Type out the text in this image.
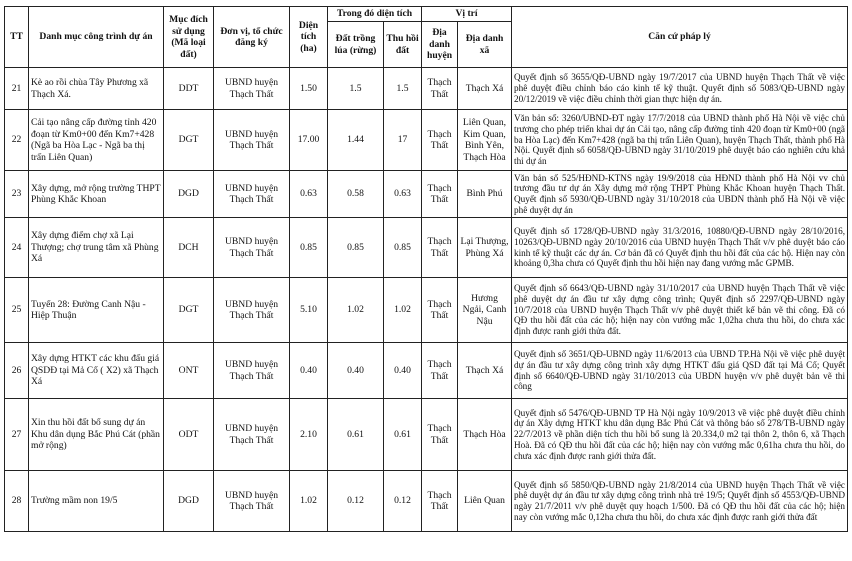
TT	Danh mục công trình dự án	Mục đích sử dụng (Mã loại đất)	Đơn vị, tổ chức đăng ký	Diện tích (ha)	Trong đó diện tích		Vị trí		Căn cứ pháp lý
					Đất trồng lúa (rừng)	Thu hồi đất	Địa danh huyện	Địa danh xã	
21	Kè ao rồi chùa Tây Phương xã Thạch Xá.	DDT	UBND huyện Thạch Thất	1.50	1.5	1.5	Thạch Thất	Thạch Xá	Quyết định số 3655/QĐ-UBND ngày 19/7/2017 của UBND huyện Thạch Thất về việc phê duyệt điều chỉnh báo cáo kinh tế kỹ thuật. Quyết định số 5083/QĐ-UBND ngày 20/12/2019 về việc điều chỉnh thời gian thực hiện dự án.
22	Cải tạo nâng cấp đường tỉnh 420 đoạn từ Km0+00 đến Km7+428 (Ngã ba Hòa Lạc - Ngã ba thị trấn Liên Quan)	DGT	UBND huyện Thạch Thất	17.00	1.44	17	Thạch Thất	Liên Quan, Kim Quan, Bình Yên, Thạch Hòa	Văn bản số: 3260/UBND-ĐT ngày 17/7/2018 của UBND thành phố Hà Nội về việc chủ trương cho phép triển khai dự án Cải tạo, nâng cấp đường tỉnh 420 đoạn từ Km0+00 (ngã ba Hòa Lạc) đến Km7+428 (ngã ba thị trấn Liên Quan), huyện Thạch Thất, thành phố Hà Nội. Quyết định số 6058/QĐ-UBND ngày 31/10/2019 phê duyệt báo cáo nghiên cứu khả thi dự án
23	Xây dựng, mở rộng trường THPT Phùng Khắc Khoan	DGD	UBND huyện Thạch Thất	0.63	0.58	0.63	Thạch Thất	Bình Phú	Văn bản số 525/HĐND-KTNS ngày 19/9/2018 của HĐND thành phố Hà Nội vv chủ trương đầu tư dự án Xây dựng mở rộng THPT Phùng Khắc Khoan huyện Thạch Thất. Quyết định số 5930/QĐ-UBND ngày 31/10/2018 của UBDN thành phố Hà Nội về việc phê duyệt dự án
24	Xây dựng điểm chợ xã Lại Thượng; chợ trung tâm xã Phùng Xá	DCH	UBND huyện Thạch Thất	0.85	0.85	0.85	Thạch Thất	Lại Thượng, Phùng Xá	Quyết định số 1728/QĐ-UBND ngày 31/3/2016, 10880/QĐ-UBND ngày 28/10/2016, 10263/QĐ-UBND ngày 20/10/2016 của UBND huyện Thạch Thất v/v phê duyệt báo cáo kinh tế kỹ thuật các dự án. Cơ bản đã có Quyết định thu hồi đất của các hộ. Hiện nay còn khoảng 0,3ha chưa có Quyết định thu hồi hiện nay đang vướng mắc GPMB.
25	Tuyến 28: Đường Canh Nậu - Hiệp Thuận	DGT	UBND huyện Thạch Thất	5.10	1.02	1.02	Thạch Thất	Hương Ngải, Canh Nậu	Quyết định số 6643/QĐ-UBND ngày 31/10/2017 của UBND huyện Thạch Thất về việc phê duyệt dự án đầu tư xây dựng công trình; Quyết định số 2297/QĐ-UBND ngày 10/7/2018 của UBND huyện Thạch Thất v/v phê duyệt thiết kế bản vẽ thi công. Đã có QĐ thu hồi đất của các hộ; hiện nay còn vướng mắc 1,02ha chưa thu hồi, do chưa xác định được ranh giới thửa đất.
26	Xây dựng HTKT các khu đấu giá QSDĐ tại Mả Cố ( X2) xã Thạch Xá	ONT	UBND huyện Thạch Thất	0.40	0.40	0.40	Thạch Thất	Thạch Xá	Quyết định số 3651/QĐ-UBND ngày 11/6/2013 của UBND TP.Hà Nội về việc phê duyệt dự án đầu tư xây dựng công trình xây dựng HTKT đấu giá QSD đất tại Mả Cố; Quyết định số 6640/QĐ-UBND ngày 31/10/2013 của UBDN huyện v/v phê duyệt bản vẽ thi công
27	Xin thu hồi đất bổ sung dự án Khu dân dụng Bắc Phú Cát (phần mở rộng)	ODT	UBND huyện Thạch Thất	2.10	0.61	0.61	Thạch Thất	Thạch Hòa	Quyết định số 5476/QĐ-UBND TP Hà Nội ngày 10/9/2013 về việc phê duyệt điều chỉnh dự án Xây dựng HTKT khu dân dụng Bắc Phú Cát và thông báo số 278/TB-UBND ngày 22/7/2013 về phần diện tích thu hồi bổ sung là 20.334,0 m2 tại thôn 2, thôn 6, xã Thạch Hoà. Đã có QĐ thu hồi đất của các hộ; hiện nay còn vướng mắc 0,61ha chưa thu hồi, do chưa xác định được ranh giới thửa đất.
28	Trường mầm non 19/5	DGD	UBND huyện Thạch Thất	1.02	0.12	0.12	Thạch Thất	Liên Quan	Quyết định số 5850/QĐ-UBND ngày 21/8/2014 của UBND huyện Thạch Thất về việc phê duyệt dự án đầu tư xây dựng công trình nhà trẻ 19/5; Quyết định số 4553/QĐ-UBND ngày 21/7/2011 v/v phê duyệt quy hoạch 1/500. Đã có QĐ thu hồi đất của các hộ; hiện nay còn vướng mắc 0,12ha chưa thu hồi, do chưa xác định được ranh giới thửa đất
